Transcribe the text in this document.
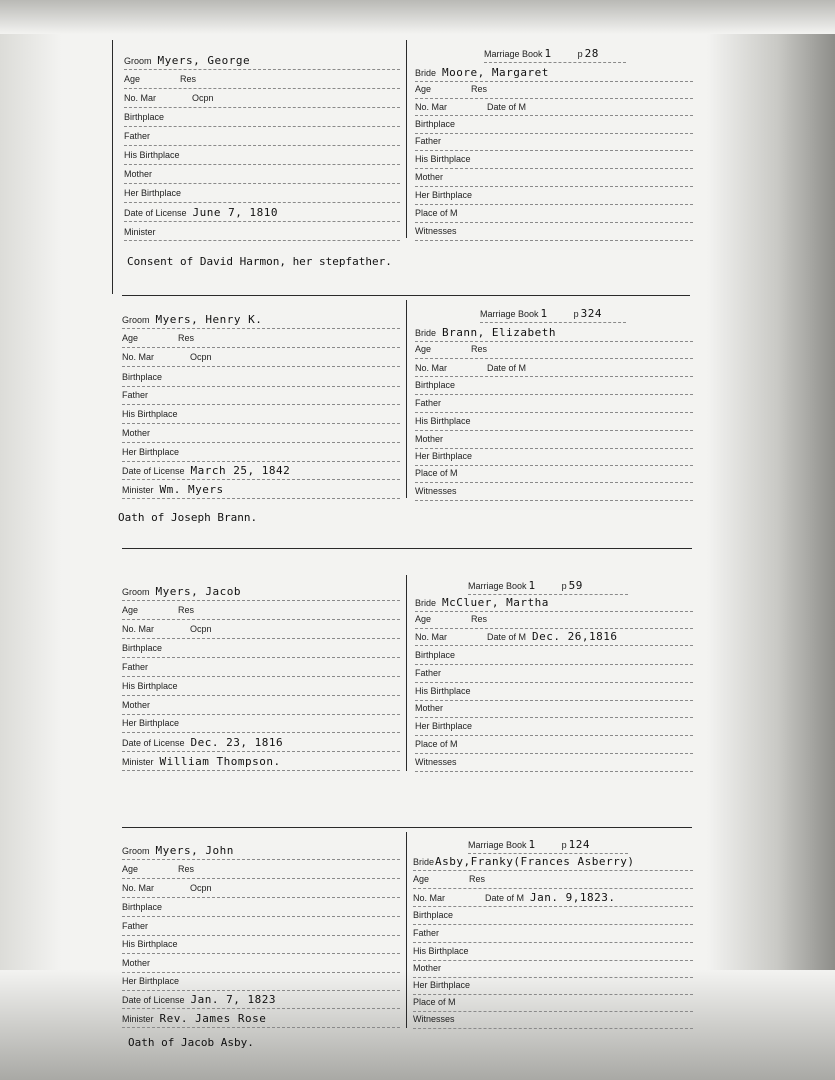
Groom Myers, George
Age	Res
No. Mar	Ocpn
Birthplace
Father
His Birthplace
Mother
Her Birthplace
Date of License June 7, 1810
Minister
Marriage Book 1	p 28
Bride Moore, Margaret
Age	Res
No. Mar	Date of M
Birthplace
Father
His Birthplace
Mother
Her Birthplace
Place of M
Witnesses
Consent of David Harmon, her stepfather.
Groom Myers, Henry K.
Age	Res
No. Mar	Ocpn
Birthplace
Father
His Birthplace
Mother
Her Birthplace
Date of License March 25, 1842
Minister Wm. Myers
Marriage Book 1	p 324
Bride Brann, Elizabeth
Age	Res
No. Mar	Date of M
Birthplace
Father
His Birthplace
Mother
Her Birthplace
Place of M
Witnesses
Oath of Joseph Brann.
Groom Myers, Jacob
Age	Res
No. Mar	Ocpn
Birthplace
Father
His Birthplace
Mother
Her Birthplace
Date of License Dec. 23, 1816
Minister William Thompson.
Marriage Book 1	p 59
Bride McCluer, Martha
Age	Res
No. Mar	Date of M Dec. 26,1816
Birthplace
Father
His Birthplace
Mother
Her Birthplace
Place of M
Witnesses
Groom Myers, John
Age	Res
No. Mar	Ocpn
Birthplace
Father
His Birthplace
Mother
Her Birthplace
Date of License Jan. 7, 1823
Minister Rev. James Rose
Marriage Book 1	p 124
BrideAsby,Franky(Frances Asberry)
Age	Res
No. Mar	Date of M Jan. 9,1823.
Birthplace
Father
His Birthplace
Mother
Her Birthplace
Place of M
Witnesses
Oath of Jacob Asby.
